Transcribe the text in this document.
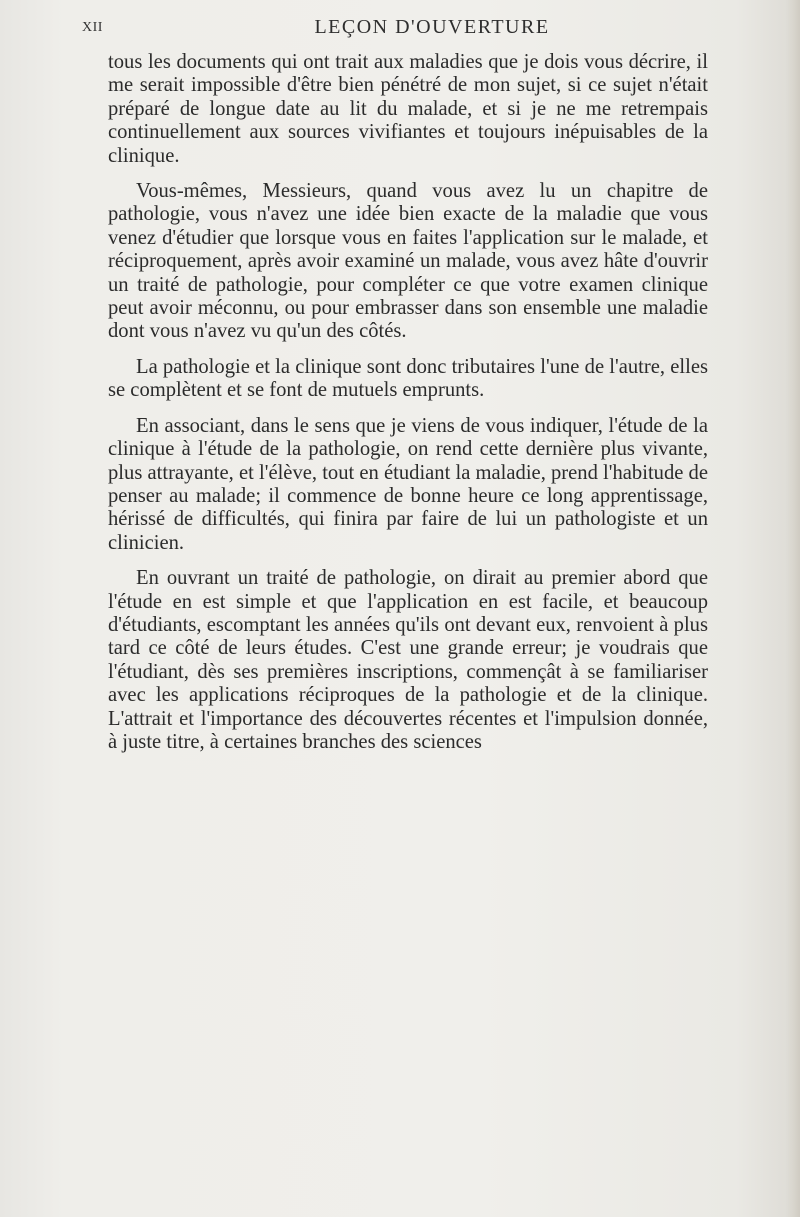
XII	LEÇON D'OUVERTURE

tous les documents qui ont trait aux maladies que je dois vous décrire, il me serait impossible d'être bien pénétré de mon sujet, si ce sujet n'était préparé de longue date au lit du malade, et si je ne me retrempais continuellement aux sources vivifiantes et toujours inépuisables de la clinique.

Vous-mêmes, Messieurs, quand vous avez lu un chapitre de pathologie, vous n'avez une idée bien exacte de la maladie que vous venez d'étudier que lorsque vous en faites l'application sur le malade, et réciproquement, après avoir examiné un malade, vous avez hâte d'ouvrir un traité de pathologie, pour compléter ce que votre examen clinique peut avoir méconnu, ou pour embrasser dans son ensemble une maladie dont vous n'avez vu qu'un des côtés.

La pathologie et la clinique sont donc tributaires l'une de l'autre, elles se complètent et se font de mutuels emprunts.

En associant, dans le sens que je viens de vous indiquer, l'étude de la clinique à l'étude de la pathologie, on rend cette dernière plus vivante, plus attrayante, et l'élève, tout en étudiant la maladie, prend l'habitude de penser au malade; il commence de bonne heure ce long apprentissage, hérissé de difficultés, qui finira par faire de lui un pathologiste et un clinicien.

En ouvrant un traité de pathologie, on dirait au premier abord que l'étude en est simple et que l'application en est facile, et beaucoup d'étudiants, escomptant les années qu'ils ont devant eux, renvoient à plus tard ce côté de leurs études. C'est une grande erreur; je voudrais que l'étudiant, dès ses premières inscriptions, commençât à se familiariser avec les applications réciproques de la pathologie et de la clinique. L'attrait et l'importance des découvertes récentes et l'impulsion donnée, à juste titre, à certaines branches des sciences
